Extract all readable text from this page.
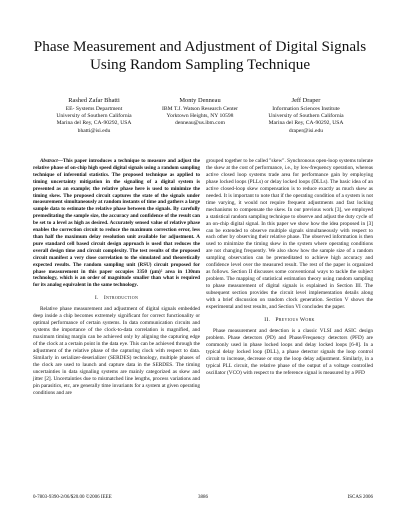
Phase Measurement and Adjustment of Digital Signals Using Random Sampling Technique
Rashed Zafar Bhatti
EE- Systems Department
University of Southern California
Marina del Rey, CA-90292, USA
bhatti@isi.edu
Monty Denneau
IBM T.J. Watson Research Center
Yorktown Heights, NY 10598
denneau@us.ibm.com
Jeff Draper
Information Sciences Institute
University of Southern California
Marina del Rey, CA-90292, USA
draper@isi.edu

Abstract—This paper introduces a technique to measure and adjust the relative phase of on-chip high speed digital signals using a random sampling technique of inferential statistics. The proposed technique as applied to timing uncertainty mitigation in the signaling of a digital system is presented as an example; the relative phase here is used to minimize the timing skew. The proposed circuit captures the state of the signals under measurement simultaneously at random instants of time and gathers a large sample data to estimate the relative phase between the signals. By carefully premeditating the sample size, the accuracy and confidence of the result can be set to a level as high as desired. Accurately sensed value of relative phase enables the correction circuit to reduce the maximum correction error, less than half the maximum delay resolution unit available for adjustment. A pure standard cell based circuit design approach is used that reduces the overall design time and circuit complexity. The test results of the proposed circuit manifest a very close correlation to the simulated and theoretically expected results. The random sampling unit (RSU) circuit proposed for phase measurement in this paper occupies 3350 (µm)² area in 130nm technology, which is an order of magnitude smaller than what is required for its analog equivalent in the same technology.

I. Introduction

Relative phase measurement and adjustment of digital signals embedded deep inside a chip becomes extremely significant for correct functionality or optimal performance of certain systems. In data communication circuits and systems the importance of the clock-to-data correlation is magnified, and maximum timing margin can be achieved only by aligning the capturing edge of the clock at a certain point in the data eye. This can be achieved through the adjustment of the relative phase of the capturing clock with respect to data. Similarly in serializer-deserializer (SERDES) technology, multiple phases of the clock are used to launch and capture data in the SERDES. The timing uncertainties in data signaling systems are mainly categorized as skew and jitter [2]. Uncertainties due to mismatched line lengths, process variations and pin parasitics, etc, are generally time invariants for a system at given operating conditions and are

grouped together to be called "skew". Synchronous open-loop systems tolerate the skew at the cost of performance, i.e., by low-frequency operation, whereas active closed loop systems trade area for performance gain by employing phase locked loops (PLLs) or delay locked loops (DLLs). The basic idea of an active closed-loop skew compensation is to reduce exactly as much skew as needed. It is important to note that if the operating condition of a system is not time varying, it would not require frequent adjustments and fast locking mechanisms to compensate the skew. In our previous work [3], we employed a statistical random sampling technique to observe and adjust the duty cycle of an on-chip digital signal. In this paper we show how the idea proposed in [3] can be extended to observe multiple signals simultaneously with respect to each other by observing their relative phase. The observed information is then used to minimize the timing skew in the system where operating conditions are not changing frequently. We also show how the sample size of a random sampling observation can be premeditated to achieve high accuracy and confidence level over the measured result. The rest of the paper is organized as follows. Section II discusses some conventional ways to tackle the subject problem. The mapping of statistical estimation theory using random sampling to phase measurement of digital signals is explained in Section III. The subsequent section provides the circuit level implementation details along with a brief discussion on random clock generation. Section V shows the experimental and test results, and Section VI concludes the paper.

II. Previous Work

Phase measurement and detection is a classic VLSI and ASIC design problem. Phase detectors (PD) and Phase/Frequency detectors (PFD) are commonly used in phase locked loops and delay locked loops [6-8]. In a typical delay locked loop (DLL), a phase detector signals the loop control circuit to increase, decrease or stop the loop delay adjustment. Similarly, in a typical PLL circuit, the relative phase of the output of a voltage controlled oscillator (VCO) with respect to the reference signal is measured by a PFD

0-7803-9390-2/06/$20.00 ©2006 IEEE	3886	ISCAS 2006
